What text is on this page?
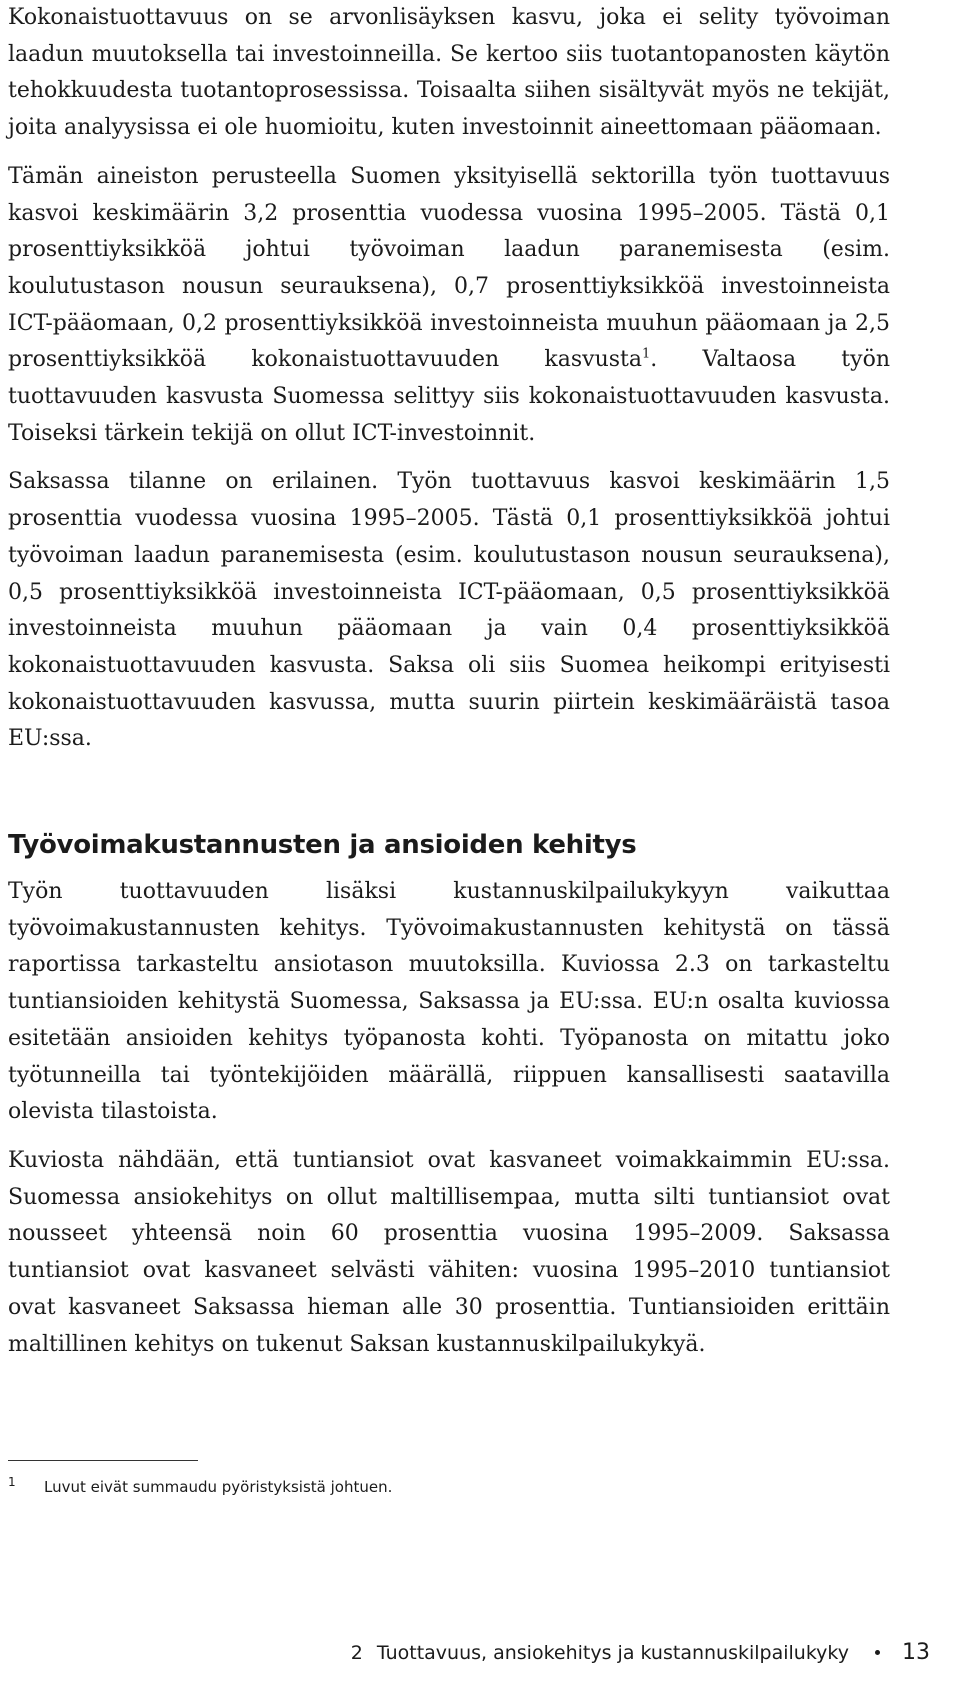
Kokonaistuottavuus on se arvonlisäyksen kasvu, joka ei selity työvoiman laadun muutoksella tai investoinneilla. Se kertoo siis tuotantopanosten käytön tehokkuudesta tuotantoprosessissa. Toisaalta siihen sisältyvät myös ne tekijät, joita analyysissa ei ole huomioitu, kuten investoinnit aineettomaan pääomaan.

Tämän aineiston perusteella Suomen yksityisellä sektorilla työn tuottavuus kasvoi keskimäärin 3,2 prosenttia vuodessa vuosina 1995–2005. Tästä 0,1 prosenttiyksikköä johtui työvoiman laadun paranemisesta (esim. koulutustason nousun seurauksena), 0,7 prosenttiyksikköä investoinneista ICT-pääomaan, 0,2 prosenttiyksikköä investoinneista muuhun pääomaan ja 2,5 prosenttiyksikköä kokonaistuottavuuden kasvusta$^1$. Valtaosa työn tuottavuuden kasvusta Suomessa selittyy siis kokonaistuottavuuden kasvusta. Toiseksi tärkein tekijä on ollut ICT-investoinnit.

Saksassa tilanne on erilainen. Työn tuottavuus kasvoi keskimäärin 1,5 prosenttia vuodessa vuosina 1995–2005. Tästä 0,1 prosenttiyksikköä johtui työvoiman laadun paranemisesta (esim. koulutustason nousun seurauksena), 0,5 prosenttiyksikköä investoinneista ICT-pääomaan, 0,5 prosenttiyksikköä investoinneista muuhun pääomaan ja vain 0,4 prosenttiyksikköä kokonaistuottavuuden kasvusta. Saksa oli siis Suomea heikompi erityisesti kokonaistuottavuuden kasvussa, mutta suurin piirtein keskimääräistä tasoa EU:ssa.

Työvoimakustannusten ja ansioiden kehitys

Työn tuottavuuden lisäksi kustannuskilpailukykyyn vaikuttaa työvoimakustannusten kehitys. Työvoimakustannusten kehitystä on tässä raportissa tarkasteltu ansiotason muutoksilla. Kuviossa 2.3 on tarkasteltu tuntiansioiden kehitystä Suomessa, Saksassa ja EU:ssa. EU:n osalta kuviossa esitetään ansioiden kehitys työpanosta kohti. Työpanosta on mitattu joko työtunneilla tai työntekijöiden määrällä, riippuen kansallisesti saatavilla olevista tilastoista.

Kuviosta nähdään, että tuntiansiot ovat kasvaneet voimakkaimmin EU:ssa. Suomessa ansiokehitys on ollut maltillisempaa, mutta silti tuntiansiot ovat nousseet yhteensä noin 60 prosenttia vuosina 1995–2009. Saksassa tuntiansiot ovat kasvaneet selvästi vähiten: vuosina 1995–2010 tuntiansiot ovat kasvaneet Saksassa hieman alle 30 prosenttia. Tuntiansioiden erittäin maltillinen kehitys on tukenut Saksan kustannuskilpailukykyä.

1	Luvut eivät summaudu pyöristyksistä johtuen.
2 Tuottavuus, ansiokehitys ja kustannuskilpailukyky 13
